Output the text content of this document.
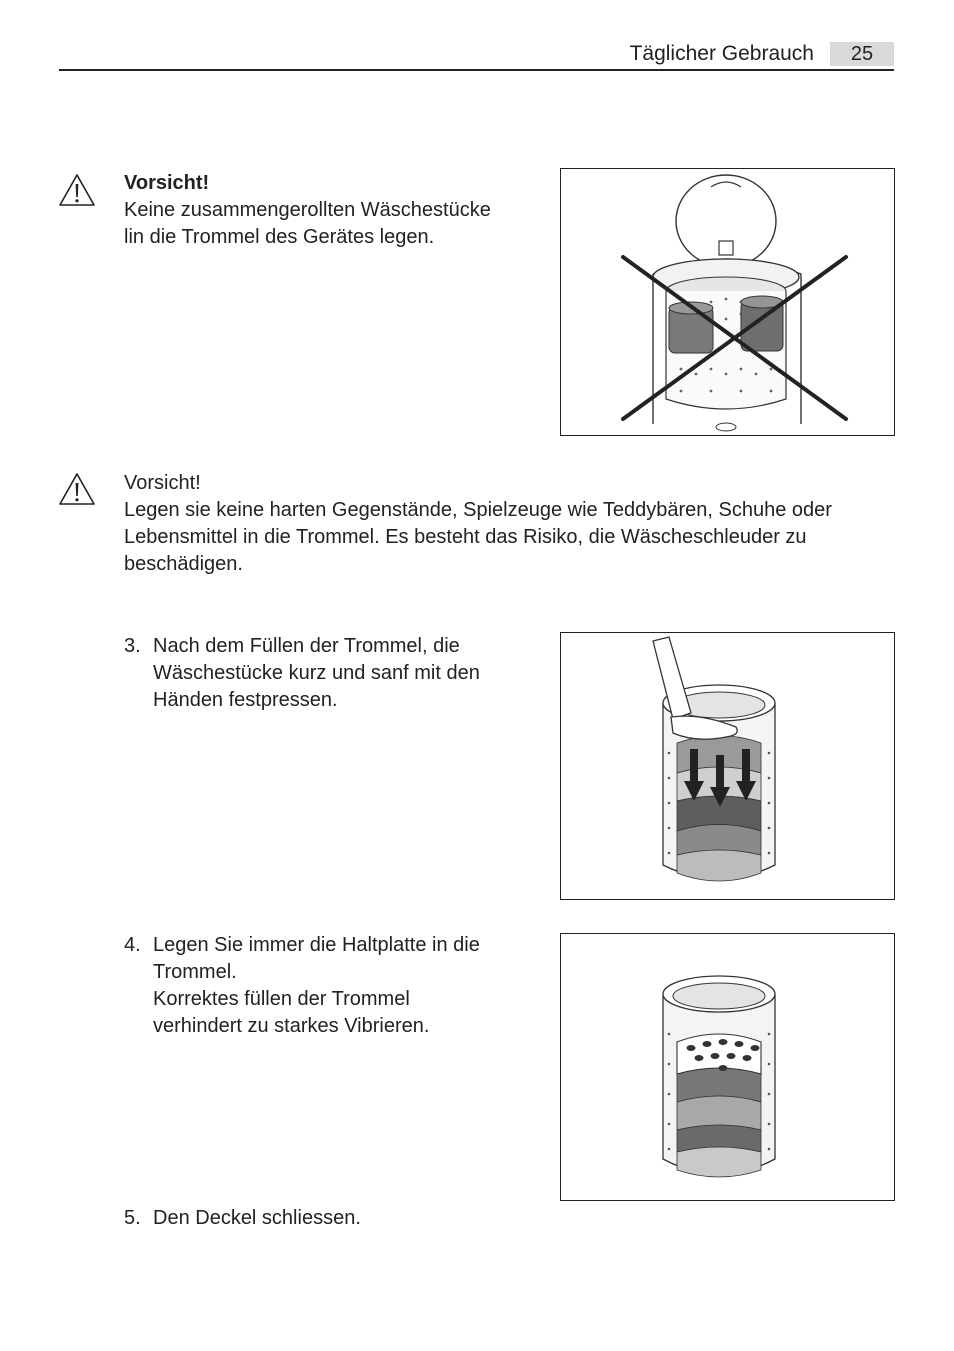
Täglicher Gebrauch	25
Vorsicht!
Keine zusammengerollten Wäschestücke
lin die Trommel des Gerätes legen.
Vorsicht!
Legen sie keine harten Gegenstände, Spielzeuge wie Teddybären, Schuhe oder
Lebensmittel in die Trommel. Es besteht das Risiko, die Wäscheschleuder zu
beschädigen.
3. Nach dem Füllen der Trommel, die
Wäschestücke kurz und sanf mit den
Händen festpressen.
4. Legen Sie immer die Haltplatte in die
Trommel.
Korrektes füllen der Trommel
verhindert zu starkes Vibrieren.
5. Den Deckel schliessen.
